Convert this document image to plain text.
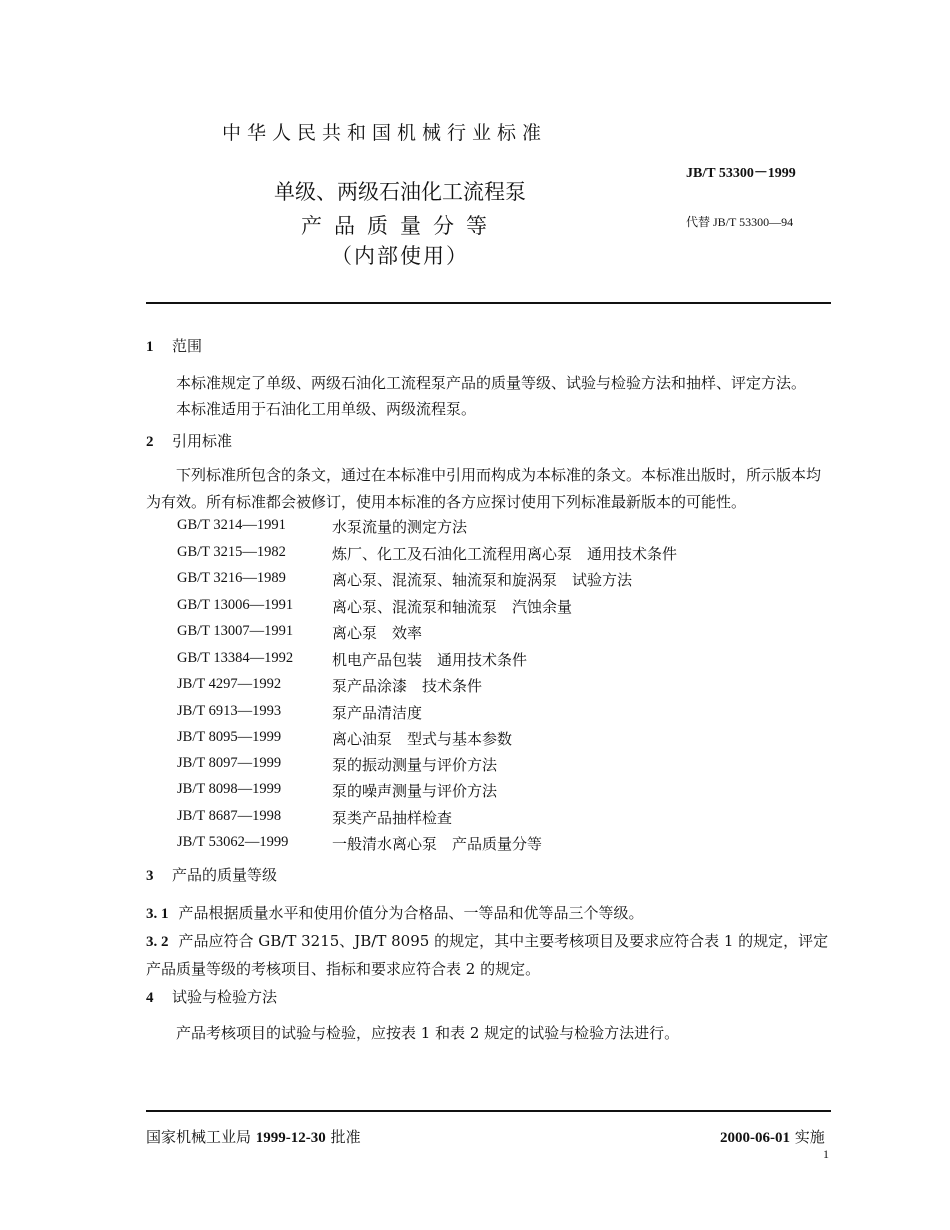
中华人民共和国机械行业标准
JB/T 53300－1999
代替 JB/T 53300—94
单级、两级石油化工流程泵
产品质量分等
（内部使用）
1 范围
本标准规定了单级、两级石油化工流程泵产品的质量等级、试验与检验方法和抽样、评定方法。
本标准适用于石油化工用单级、两级流程泵。
2 引用标准
下列标准所包含的条文，通过在本标准中引用而构成为本标准的条文。本标准出版时，所示版本均为有效。所有标准都会被修订，使用本标准的各方应探讨使用下列标准最新版本的可能性。
GB/T 3214—1991	水泵流量的测定方法
GB/T 3215—1982	炼厂、化工及石油化工流程用离心泵　通用技术条件
GB/T 3216—1989	离心泵、混流泵、轴流泵和旋涡泵　试验方法
GB/T 13006—1991	离心泵、混流泵和轴流泵　汽蚀余量
GB/T 13007—1991	离心泵　效率
GB/T 13384—1992	机电产品包装　通用技术条件
JB/T 4297—1992	泵产品涂漆　技术条件
JB/T 6913—1993	泵产品清洁度
JB/T 8095—1999	离心油泵　型式与基本参数
JB/T 8097—1999	泵的振动测量与评价方法
JB/T 8098—1999	泵的噪声测量与评价方法
JB/T 8687—1998	泵类产品抽样检查
JB/T 53062—1999	一般清水离心泵　产品质量分等
3 产品的质量等级
3. 1 产品根据质量水平和使用价值分为合格品、一等品和优等品三个等级。
3. 2 产品应符合 GB/T 3215、JB/T 8095 的规定，其中主要考核项目及要求应符合表 1 的规定，评定产品质量等级的考核项目、指标和要求应符合表 2 的规定。
4 试验与检验方法
产品考核项目的试验与检验，应按表 1 和表 2 规定的试验与检验方法进行。
国家机械工业局 1999-12-30 批准	2000-06-01 实施
1
